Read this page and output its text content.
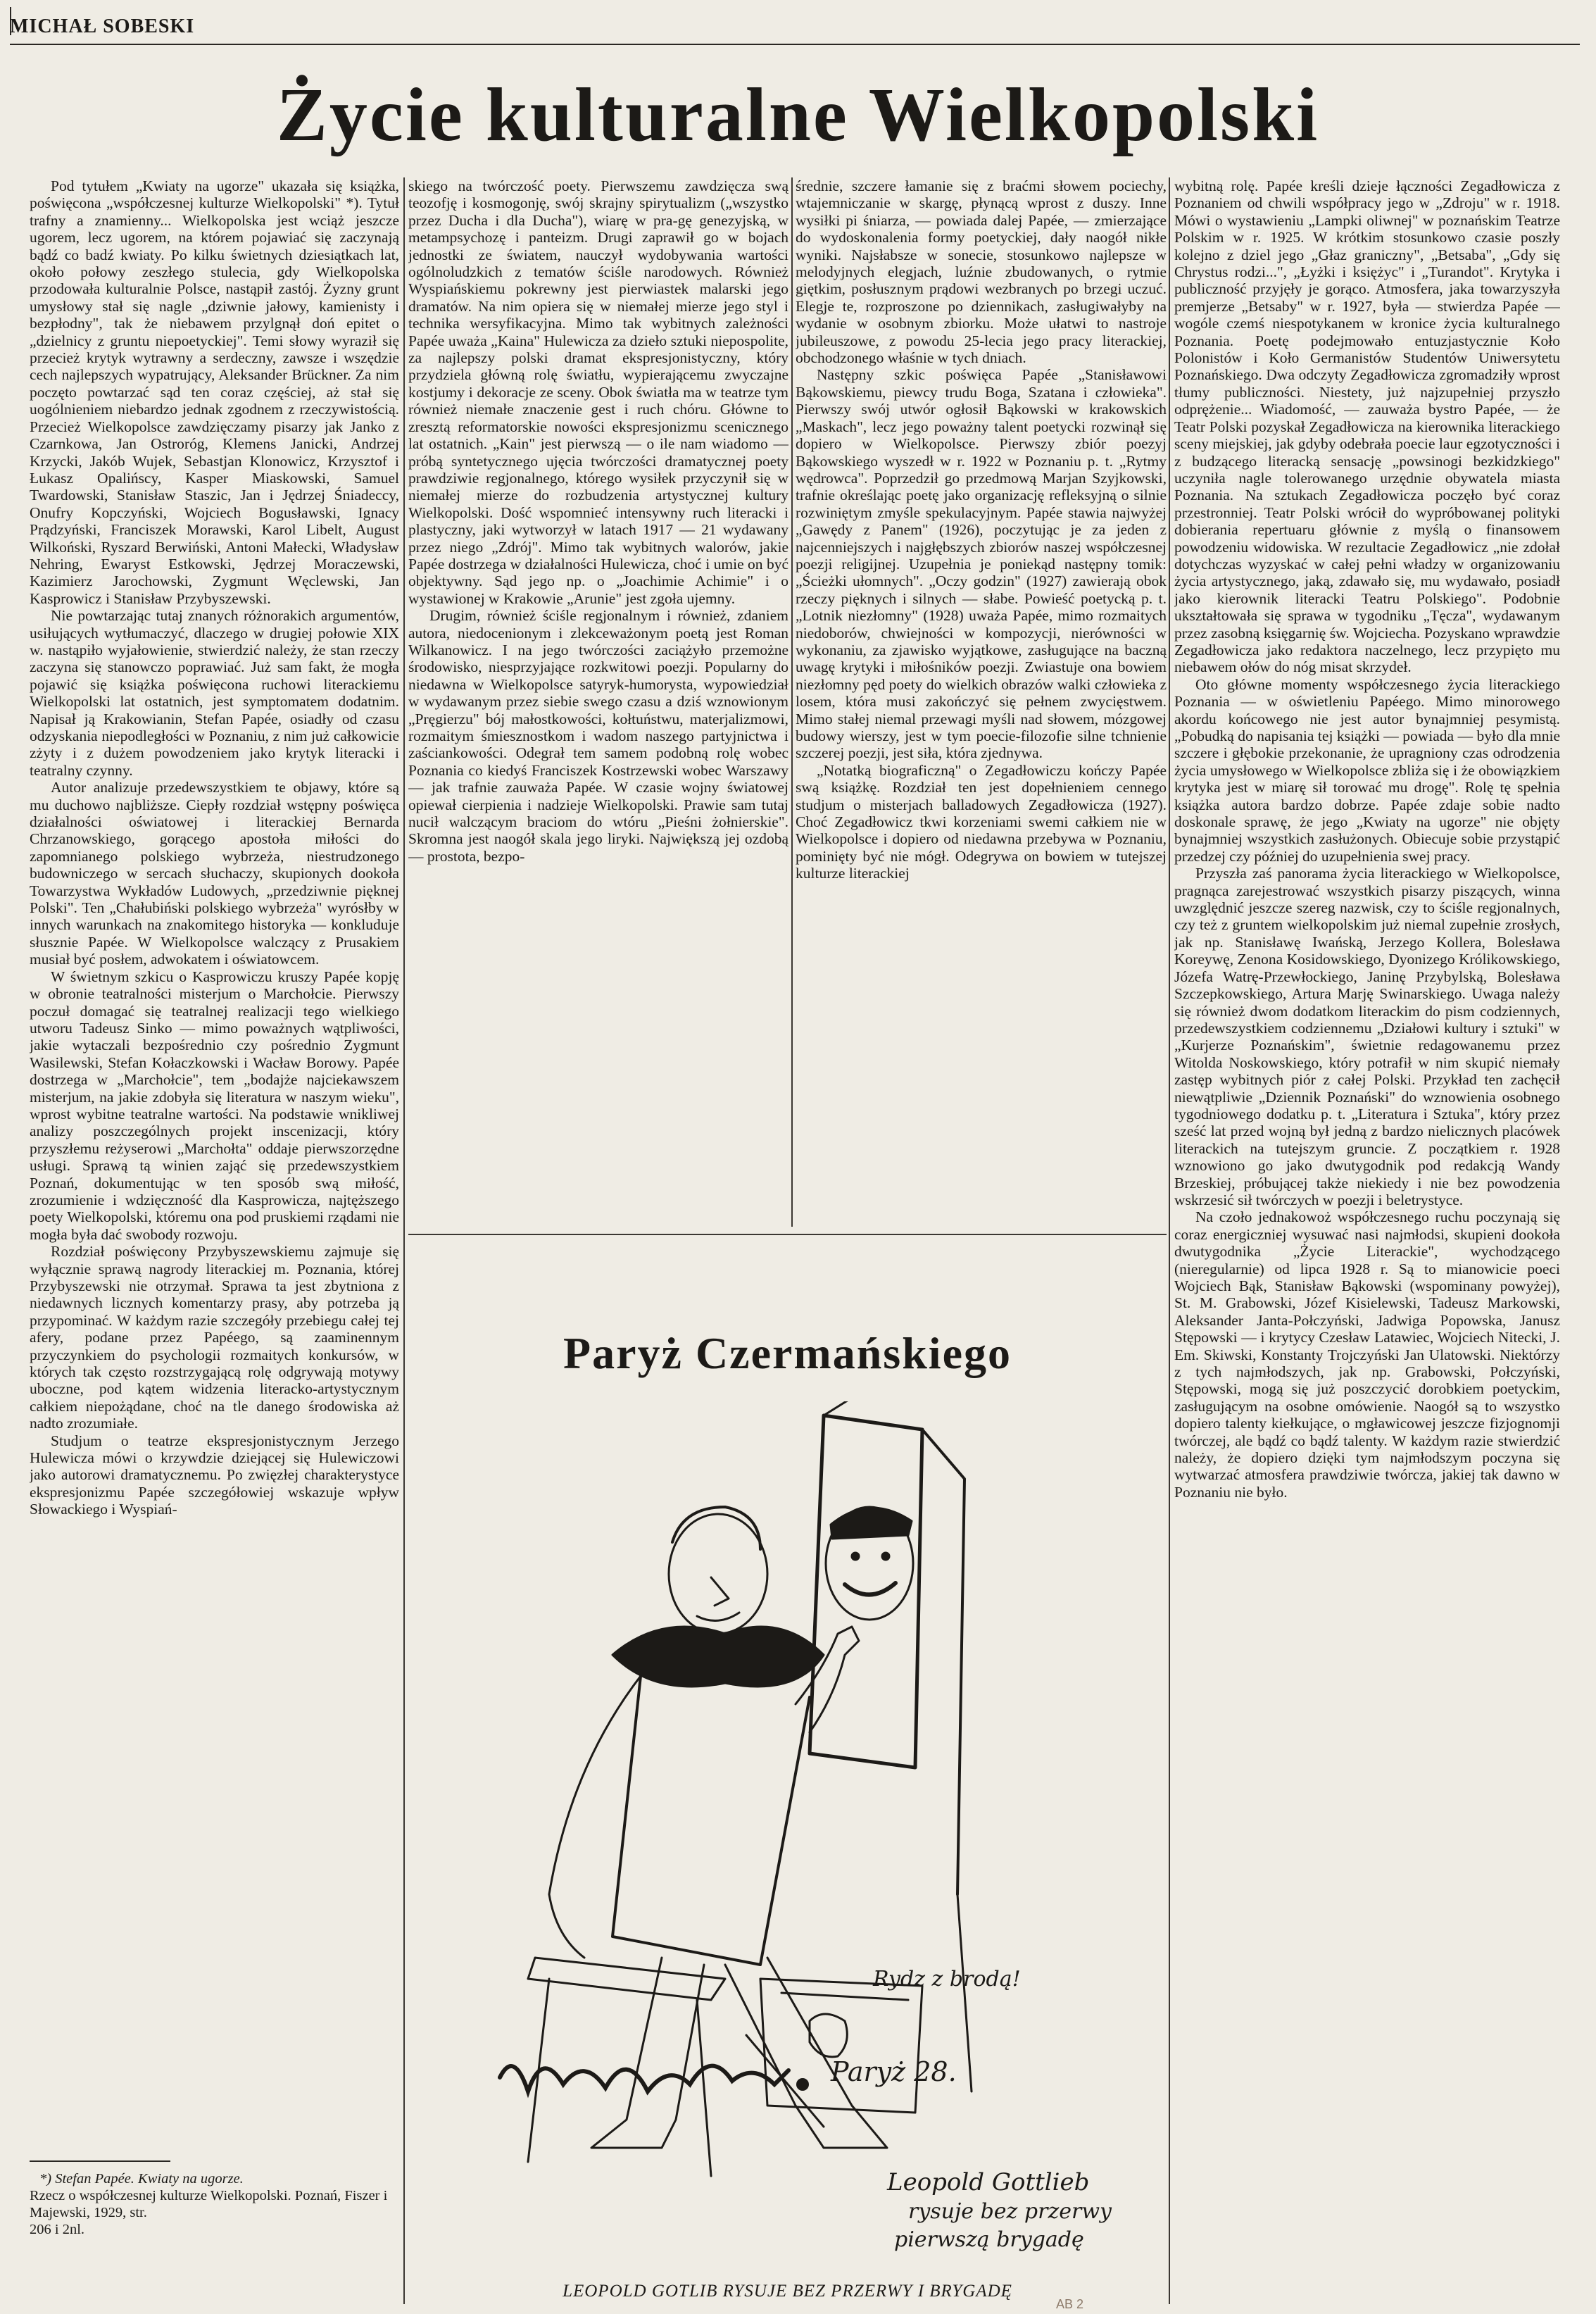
MICHAŁ SOBESKI
Życie kulturalne Wielkopolski

Pod tytułem „Kwiaty na ugorze" ukazała się książka, poświęcona „współczesnej kulturze Wielkopolski" *). Tytuł trafny a znamienny... Wielkopolska jest wciąż jeszcze ugorem, lecz ugorem, na którem pojawiać się zaczynają bądź co badź kwiaty. Po kilku świetnych dziesiątkach lat, około połowy zeszłego stulecia, gdy Wielkopolska przodowała kulturalnie Polsce, nastąpił zastój. Żyzny grunt umysłowy stał się nagle „dziwnie jałowy, kamienisty i bezpłodny", tak że niebawem przylgnął doń epitet o „dzielnicy z gruntu niepoetyckiej". Temi słowy wyraził się przecież krytyk wytrawny a serdeczny, zawsze i wszędzie cech najlepszych wypatrujący, Aleksander Brückner. Za nim poczęto powtarzać sąd ten coraz częściej, aż stał się uogólnieniem niebardzo jednak zgodnem z rzeczywistością. Przecież Wielkopolsce zawdzięczamy pisarzy jak Janko z Czarnkowa, Jan Ostroróg, Klemens Janicki, Andrzej Krzycki, Jakób Wujek, Sebastjan Klonowicz, Krzysztof i Łukasz Opalińscy, Kasper Miaskowski, Samuel Twardowski, Stanisław Staszic, Jan i Jędrzej Śniadeccy, Onufry Kopczyński, Wojciech Bogusławski, Ignacy Prądzyński, Franciszek Morawski, Karol Libelt, August Wilkoński, Ryszard Berwiński, Antoni Małecki, Władysław Nehring, Ewaryst Estkowski, Jędrzej Moraczewski, Kazimierz Jarochowski, Zygmunt Węclewski, Jan Kasprowicz i Stanisław Przybyszewski.

Nie powtarzając tutaj znanych różnorakich argumentów, usiłujących wytłumaczyć, dlaczego w drugiej połowie XIX w. nastąpiło wyjałowienie, stwierdzić należy, że stan rzeczy zaczyna się stanowczo poprawiać. Już sam fakt, że mogła pojawić się książka poświęcona ruchowi literackiemu Wielkopolski lat ostatnich, jest symptomatem dodatnim. Napisał ją Krakowianin, Stefan Papée, osiadły od czasu odzyskania niepodległości w Poznaniu, z nim już całkowicie zżyty i z dużem powodzeniem jako krytyk literacki i teatralny czynny.

Autor analizuje przedewszystkiem te objawy, które są mu duchowo najbliższe. Ciepły rozdział wstępny poświęca działalności oświatowej i literackiej Bernarda Chrzanowskiego, gorącego apostoła miłości do zapomnianego polskiego wybrzeża, niestrudzonego budowniczego w sercach słuchaczy, skupionych dookoła Towarzystwa Wykładów Ludowych, „przedziwnie pięknej Polski". Ten „Chałubiński polskiego wybrzeża" wyrósłby w innych warunkach na znakomitego historyka — konkluduje słusznie Papée. W Wielkopolsce walczący z Prusakiem musiał być posłem, adwokatem i oświatowcem.

W świetnym szkicu o Kasprowiczu kruszy Papée kopję w obronie teatralności misterjum o Marchołcie. Pierwszy poczuł domagać się teatralnej realizacji tego wielkiego utworu Tadeusz Sinko — mimo poważnych wątpliwości, jakie wytaczali bezpośrednio czy pośrednio Zygmunt Wasilewski, Stefan Kołaczkowski i Wacław Borowy. Papée dostrzega w „Marchołcie", tem „bodajże najciekawszem misterjum, na jakie zdobyła się literatura w naszym wieku", wprost wybitne teatralne wartości. Na podstawie wnikliwej analizy poszczególnych projekt inscenizacji, który przyszłemu reżyserowi „Marchołta" oddaje pierwszorzędne usługi. Sprawą tą winien zająć się przedewszystkiem Poznań, dokumentując w ten sposób swą miłość, zrozumienie i wdzięczność dla Kasprowicza, najtęższego poety Wielkopolski, któremu ona pod pruskiemi rządami nie mogła była dać swobody rozwoju.

Rozdział poświęcony Przybyszewskiemu zajmuje się wyłącznie sprawą nagrody literackiej m. Poznania, której Przybyszewski nie otrzymał. Sprawa ta jest zbytniona z niedawnych licznych komentarzy prasy, aby potrzeba ją przypominać. W każdym razie szczegóły przebiegu całej tej afery, podane przez Papéego, są zaaminennym przyczynkiem do psychologii rozmaitych konkursów, w których tak często rozstrzygającą rolę odgrywają motywy uboczne, pod kątem widzenia literacko-artystycznym całkiem niepożądane, choć na tle danego środowiska aż nadto zrozumiałe.

Studjum o teatrze ekspresjonistycznym Jerzego Hulewicza mówi o krzywdzie dziejącej się Hulewiczowi jako autorowi dramatycznemu. Po zwięzłej charakterystyce ekspresjonizmu Papée szczegółowiej wskazuje wpływ Słowackiego i Wyspiań-

*) Stefan Papée. Kwiaty na ugorze.
Rzecz o współczesnej kulturze Wielkopolski. Poznań, Fiszer i Majewski, 1929, str.
206 i 2nl.

skiego na twórczość poety. Pierwszemu zawdzięcza swą teozofję i kosmogonję, swój skrajny spirytualizm („wszystko przez Ducha i dla Ducha"), wiarę w pra-gę genezyjską, w metampsychozę i panteizm. Drugi zaprawił go w bojach jednostki ze światem, nauczył wydobywania wartości ogólnoludzkich z tematów ściśle narodowych. Również Wyspiańskiemu pokrewny jest pierwiastek malarski jego dramatów. Na nim opiera się w niemałej mierze jego styl i technika wersyfikacyjna. Mimo tak wybitnych zależności Papée uważa „Kaina" Hulewicza za dzieło sztuki niepospolite, za najlepszy polski dramat ekspresjonistyczny, który przydziela główną rolę światłu, wypierającemu zwyczajne kostjumy i dekoracje ze sceny. Obok światła ma w teatrze tym również niemałe znaczenie gest i ruch chóru. Główne to zresztą reformatorskie nowości ekspresjonizmu scenicznego lat ostatnich. „Kain" jest pierwszą — o ile nam wiadomo — próbą syntetycznego ujęcia twórczości dramatycznej poety prawdziwie regjonalnego, którego wysiłek przyczynił się w niemałej mierze do rozbudzenia artystycznej kultury Wielkopolski. Dość wspomnieć intensywny ruch literacki i plastyczny, jaki wytworzył w latach 1917 — 21 wydawany przez niego „Zdrój". Mimo tak wybitnych walorów, jakie Papée dostrzega w działalności Hulewicza, choć i umie on być objektywny. Sąd jego np. o „Joachimie Achimie" i o wystawionej w Krakowie „Arunie" jest zgoła ujemny.

Drugim, również ściśle regjonalnym i również, zdaniem autora, niedocenionym i zlekceważonym poetą jest Roman Wilkanowicz. I na jego twórczości zaciążyło przemożne środowisko, niesprzyjające rozkwitowi poezji. Popularny do niedawna w Wielkopolsce satyryk-humorysta, wypowiedział w wydawanym przez siebie swego czasu a dziś wznowionym „Pręgierzu" bój małostkowości, kołtuństwu, materjalizmowi, rozmaitym śmiesznostkom i wadom naszego partyjnictwa i zaściankowości. Odegrał tem samem podobną rolę wobec Poznania co kiedyś Franciszek Kostrzewski wobec Warszawy — jak trafnie zauważa Papée. W czasie wojny światowej opiewał cierpienia i nadzieje Wielkopolski. Prawie sam tutaj nucił walczącym braciom do wtóru „Pieśni żołnierskie". Skromna jest naogół skala jego liryki. Największą jej ozdobą — prostota, bezpo-

średnie, szczere łamanie się z braćmi słowem pociechy, wtajemniczanie w skargę, płynącą wprost z duszy. Inne wysiłki pi śniarza, — powiada dalej Papée, — zmierzające do wydoskonalenia formy poetyckiej, dały naogół nikłe wyniki. Najsłabsze w sonecie, stosunkowo najlepsze w melodyjnych elegjach, luźnie zbudowanych, o rytmie giętkim, posłusznym prądowi wezbranych po brzegi uczuć. Elegje te, rozproszone po dziennikach, zasługiwałyby na wydanie w osobnym zbiorku. Może ułatwi to nastroje jubileuszowe, z powodu 25-lecia jego pracy literackiej, obchodzonego właśnie w tych dniach.

Następny szkic poświęca Papée „Stanisławowi Bąkowskiemu, piewcy trudu Boga, Szatana i człowieka". Pierwszy swój utwór ogłosił Bąkowski w krakowskich „Maskach", lecz jego poważny talent poetycki rozwinął się dopiero w Wielkopolsce. Pierwszy zbiór poezyj Bąkowskiego wyszedł w r. 1922 w Poznaniu p. t. „Rytmy wędrowca". Poprzedził go przedmową Marjan Szyjkowski, trafnie określając poetę jako organizację refleksyjną o silnie rozwiniętym zmyśle spekulacyjnym. Papée stawia najwyżej „Gawędy z Panem" (1926), poczytując je za jeden z najcenniejszych i najgłębszych zbiorów naszej współczesnej poezji religijnej. Uzupełnia je poniekąd następny tomik: „Ścieżki ułomnych". „Oczy godzin" (1927) zawierają obok rzeczy pięknych i silnych — słabe. Powieść poetycką p. t. „Lotnik niezłomny" (1928) uważa Papée, mimo rozmaitych niedoborów, chwiejności w kompozycji, nierówności w wykonaniu, za zjawisko wyjątkowe, zasługujące na baczną uwagę krytyki i miłośników poezji. Zwiastuje ona bowiem niezłomny pęd poety do wielkich obrazów walki człowieka z losem, która musi zakończyć się pełnem zwycięstwem. Mimo stałej niemal przewagi myśli nad słowem, mózgowej budowy wierszy, jest w tym poecie-filozofie silne tchnienie szczerej poezji, jest siła, która zjednywa.

„Notatką biograficzną" o Zegadłowiczu kończy Papée swą książkę. Rozdział ten jest dopełnieniem cennego studjum o misterjach balladowych Zegadłowicza (1927). Choć Zegadłowicz tkwi korzeniami swemi całkiem nie w Wielkopolsce i dopiero od niedawna przebywa w Poznaniu, pominięty być nie mógł. Odegrywa on bowiem w tutejszej kulturze literackiej

wybitną rolę. Papée kreśli dzieje łączności Zegadłowicza z Poznaniem od chwili współpracy jego w „Zdroju" w r. 1918. Mówi o wystawieniu „Lampki oliwnej" w poznańskim Teatrze Polskim w r. 1925. W krótkim stosunkowo czasie poszły kolejno z dziel jego „Głaz graniczny", „Betsaba", „Gdy się Chrystus rodzi...", „Łyżki i księżyc" i „Turandot". Krytyka i publiczność przyjęły je gorąco. Atmosfera, jaka towarzyszyła premjerze „Betsaby" w r. 1927, była — stwierdza Papée — wogóle czemś niespotykanem w kronice życia kulturalnego Poznania. Poetę podejmowało entuzjastycznie Koło Polonistów i Koło Germanistów Studentów Uniwersytetu Poznańskiego. Dwa odczyty Zegadłowicza zgromadziły wprost tłumy publiczności. Niestety, już najzupełniej przyszło odprężenie... Wiadomość, — zauważa bystro Papée, — że Teatr Polski pozyskał Zegadłowicza na kierownika literackiego sceny miejskiej, jak gdyby odebrała poecie laur egzotyczności i z budzącego literacką sensację „powsinogi bezkidzkiego" uczyniła nagle tolerowanego urzędnie obywatela miasta Poznania. Na sztukach Zegadłowicza poczęło być coraz przestronniej. Teatr Polski wrócił do wypróbowanej polityki dobierania repertuaru głównie z myślą o finansowem powodzeniu widowiska. W rezultacie Zegadłowicz „nie zdołał dotychczas wyzyskać w całej pełni władzy w organizowaniu życia artystycznego, jaką, zdawało się, mu wydawało, posiadł jako kierownik literacki Teatru Polskiego". Podobnie ukształtowała się sprawa w tygodniku „Tęcza", wydawanym przez zasobną księgarnię św. Wojciecha. Pozyskano wprawdzie Zegadłowicza jako redaktora naczelnego, lecz przypięto mu niebawem ołów do nóg misat skrzydeł.

Oto główne momenty współczesnego życia literackiego Poznania — w oświetleniu Papéego. Mimo minorowego akordu końcowego nie jest autor bynajmniej pesymistą. „Pobudką do napisania tej książki — powiada — było dla mnie szczere i głębokie przekonanie, że upragniony czas odrodzenia życia umysłowego w Wielkopolsce zbliża się i że obowiązkiem krytyka jest w miarę sił torować mu drogę". Rolę tę spełnia książka autora bardzo dobrze. Papée zdaje sobie nadto doskonale sprawę, że jego „Kwiaty na ugorze" nie objęty bynajmniej wszystkich zasłużonych. Obiecuje sobie przystąpić przedzej czy później do uzupełnienia swej pracy.

Przyszła zaś panorama życia literackiego w Wielkopolsce, pragnąca zarejestrować wszystkich pisarzy piszących, winna uwzględnić jeszcze szereg nazwisk, czy to ściśle regjonalnych, czy też z gruntem wielkopolskim już niemal zupełnie zrosłych, jak np. Stanisławę Iwańską, Jerzego Kollera, Bolesława Koreywę, Zenona Kosidowskiego, Dyonizego Królikowskiego, Józefa Watrę-Przewłockiego, Janinę Przybylską, Bolesława Szczepkowskiego, Artura Marję Swinarskiego. Uwaga należy się również dwom dodatkom literackim do pism codziennych, przedewszystkiem codziennemu „Działowi kultury i sztuki" w „Kurjerze Poznańskim", świetnie redagowanemu przez Witolda Noskowskiego, który potrafił w nim skupić niemały zastęp wybitnych piór z całej Polski. Przykład ten zachęcił niewątpliwie „Dziennik Poznański" do wznowienia osobnego tygodniowego dodatku p. t. „Literatura i Sztuka", który przez sześć lat przed wojną był jedną z bardzo nielicznych placówek literackich na tutejszym gruncie. Z początkiem r. 1928 wznowiono go jako dwutygodnik pod redakcją Wandy Brzeskiej, próbującej także niekiedy i nie bez powodzenia wskrzesić sił twórczych w poezji i beletrystyce.

Na czoło jednakowoż współczesnego ruchu poczynają się coraz energiczniej wysuwać nasi najmłodsi, skupieni dookoła dwutygodnika „Życie Literackie", wychodzącego (nieregularnie) od lipca 1928 r. Są to mianowicie poeci Wojciech Bąk, Stanisław Bąkowski (wspominany powyżej), St. M. Grabowski, Józef Kisielewski, Tadeusz Markowski, Aleksander Janta-Połczyński, Jadwiga Popowska, Janusz Stępowski — i krytycy Czesław Latawiec, Wojciech Nitecki, J. Em. Skiwski, Konstanty Trojczyński Jan Ulatowski. Niektórzy z tych najmłodszych, jak np. Grabowski, Połczyński, Stępowski, mogą się już poszczycić dorobkiem poetyckim, zasługującym na osobne omówienie. Naogół są to wszystko dopiero talenty kiełkujące, o mgławicowej jeszcze fizjognomji twórczej, ale bądź co bądź talenty. W każdym razie stwierdzić należy, że dopiero dzięki tym najmłodszym poczyna się wytwarzać atmosfera prawdziwie twórcza, jakiej tak dawno w Poznaniu nie było.

Paryż Czermańskiego
Rydz z brodą!
Leopold Gottlieb
rysuje bez przerwy
pierwszą brygadę
Paryż 28.
LEOPOLD GOTLIB RYSUJE BEZ PRZERWY I BRYGADĘ
AB 2
